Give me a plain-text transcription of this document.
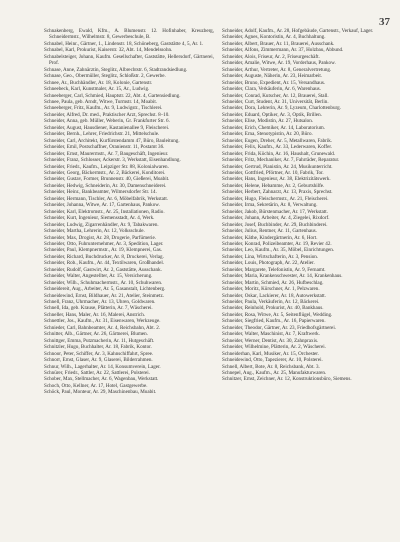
37

Schnakenberg, Ewald, Kfm., A. Blumenstr. 12. Hofinhaber, Kreuzberg, Schneidermstr., Wilhelmstr. 8, Gewerbeschule, B.

Schnabel, Heinr., Gärtner, 1., Lindenstr. 18, Schöneberg, Gaststätte 4, 5, Ar. 1.

Schnabel, Karl, Prokurist, Kaiserstr. 32, Abt. 14, Mendelssohn.

Schnabelsteiger, Johann, Kaufm. Gesellschafter, Gaststätte, Hellersdorf, Gärtnerei, Prof.

Schnase, Anne, Zahnärztin, Steglitz, Albrechtstr. 6, Stadtrandsiedlung.

Schnase, Geo., Obermüller, Steglitz, Schloßstr. 2, Gewerbe.

Schnee, Ar., Buchhändler, Ar. 18, Kolonie, Gartenstr.

Schneebeck, Karl, Kunstmaler, Ar. 15, Ar., Ludwig.

Schneeberger, Carl, Schmied, Hauptstr. 22, Abt. 4, Gartensiedlung.

Schnee, Paula, geb. Arndt, Witwe, Turmstr. 14, Moabit.

Schneeberger, Fritz, Kaufm., Ar. 9, Ludwigstr., Tischlerei.

Schneider, Alfred, Dr. med., Praktischer Arzt, Sprechst. 8–10.

Schneider, Anna, geb. Müller, Weberin, Gr. Frankfurter Str. 6.

Schneider, August, Hausdiener, Kastanienallee 9, Fleischerei.

Schneider, Bernh., Lehrer, Friedrichstr. 21, Mittelschule.

Schneider, Carl, Architekt, Kurfürstendamm 47, Büro, Bauleitung.

Schneider, Emil, Postschaffner, Oranienstr. 11, Postamt 36.

Schneider, Ernst, Maurermstr., Ar. 7, Baugeschäft, Ingenieur.

Schneider, Franz, Schlosser, Ackerstr. 3, Werkstatt, Eisenhandlung.

Schneider, Friedr., Kaufm., Leipziger Str. 88, Kolonialwaren.

Schneider, Georg, Bäckermstr., Ar. 2, Bäckerei, Konditorei.

Schneider, Gustav, Former, Brunnenstr. 40, Gießerei, Moabit.

Schneider, Hedwig, Schneiderin, Ar. 30, Damenschneiderei.

Schneider, Heinr., Bankbeamter, Wilmersdorfer Str. 14.

Schneider, Hermann, Tischler, Ar. 6, Möbelfabrik, Werkstatt.

Schneider, Johanna, Witwe, Ar. 17, Gartenhaus, Pankow.

Schneider, Karl, Elektromstr., Ar. 25, Installationen, Radio.

Schneider, Kurt, Ingenieur, Siemensstadt, Ar. 4, Werk.

Schneider, Ludwig, Zigarrenhändler, Ar. 9, Tabakwaren.

Schneider, Martha, Lehrerin, Ar. 12, Volksschule.

Schneider, Max, Drogist, Ar. 28, Drogerie, Parfümerie.

Schneider, Otto, Fuhrunternehmer, Ar. 3, Spedition, Lager.

Schneider, Paul, Klempnermstr., Ar. 19, Klempnerei, Gas.

Schneider, Richard, Buchdrucker, Ar. 8, Druckerei, Verlag.

Schneider, Rob., Kaufm., Ar. 44, Textilwaren, Großhandel.

Schneider, Rudolf, Gastwirt, Ar. 2, Gaststätte, Ausschank.

Schneider, Walter, Angestellter, Ar. 15, Versicherung.

Schneider, Wilh., Schuhmachermstr., Ar. 10, Schuhwaren.

Schneidereit, Aug., Arbeiter, Ar. 5, Gasanstalt, Lichtenberg.

Schneidewind, Ernst, Bildhauer, Ar. 21, Atelier, Steinmetz.

Schnell, Franz, Uhrmacher, Ar. 13, Uhren, Goldwaren.

Schnell, Ida, geb. Krause, Plätterin, Ar. 7, Wäscherei.

Schneller, Hans, Maler, Ar. 16, Malerei, Anstrich.

Schnettler, Jos., Kaufm., Ar. 31, Eisenwaren, Werkzeuge.

Schnieder, Carl, Bahnbeamter, Ar. 4, Reichsbahn, Abt. 2.

Schnitter, Alb., Gärtner, Ar. 26, Gärtnerei, Blumen.

Schnittger, Emma, Putzmacherin, Ar. 11, Hutgeschäft.

Schnitzler, Hugo, Buchhalter, Ar. 18, Fabrik, Kontor.

Schnoor, Peter, Schiffer, Ar. 3, Kahnschiffahrt, Spree.

Schnorr, Ernst, Glaser, Ar. 9, Glaserei, Bilderrahmen.

Schnur, Wilh., Lagerhalter, Ar. 14, Konsumverein, Lager.

Schnürer, Friedr., Sattler, Ar. 22, Sattlerei, Polsterei.

Schober, Max, Stellmacher, Ar. 6, Wagenbau, Werkstatt.

Schoch, Otto, Kellner, Ar. 17, Hotel, Gastgewerbe.

Schöck, Paul, Monteur, Ar. 29, Maschinenbau, Moabit.

Schneider, Adolf, Kaufm., Ar. 28, Hofgebäude, Gartenstr., Verkauf, Lager.

Schneider, Agnes, Kontoristin, Ar. 4, Buchhaltung.

Schneider, Albert, Brauer, Ar. 11, Brauerei, Ausschank.

Schneider, Alfons, Zimmermann, Ar. 37, Holzbau, Abbund.

Schneider, Alois, Friseur, Ar. 2, Friseurgeschäft.

Schneider, Amalie, Witwe, Ar. 19, Vorderhaus, Pankow.

Schneider, Arthur, Vertreter, Ar. 8, Generalvertretung.

Schneider, Auguste, Näherin, Ar. 23, Heimarbeit.

Schneider, Bruno, Expedient, Ar. 15, Versandhaus.

Schneider, Clara, Verkäuferin, Ar. 6, Warenhaus.

Schneider, Conrad, Kutscher, Ar. 12, Brauerei, Stall.

Schneider, Curt, Student, Ar. 31, Universität, Berlin.

Schneider, Dora, Lehrerin, Ar. 9, Lyzeum, Charlottenburg.

Schneider, Eduard, Optiker, Ar. 3, Optik, Brillen.

Schneider, Elise, Modistin, Ar. 27, Hutsalon.

Schneider, Erich, Chemiker, Ar. 14, Laboratorium.

Schneider, Erna, Stenotypistin, Ar. 20, Büro.

Schneider, Eugen, Dreher, Ar. 5, Metallwaren, Fabrik.

Schneider, Felix, Kaufm., Ar. 33, Lederwaren, Koffer.

Schneider, Frida, Köchin, Ar. 16, Haushalt, Grunewald.

Schneider, Fritz, Mechaniker, Ar. 7, Fahrräder, Reparatur.

Schneider, Gertrud, Pianistin, Ar. 24, Musikunterricht.

Schneider, Gottfried, Pförtner, Ar. 10, Fabrik, Tor.

Schneider, Hans, Ingenieur, Ar. 38, Elektrizitätswerk.

Schneider, Helene, Hebamme, Ar. 2, Geburtshilfe.

Schneider, Herbert, Zahnarzt, Ar. 13, Praxis, Sprechst.

Schneider, Hugo, Fleischermstr., Ar. 21, Fleischerei.

Schneider, Irma, Sekretärin, Ar. 8, Verwaltung.

Schneider, Jakob, Bürstenmacher, Ar. 17, Werkstatt.

Schneider, Johann, Arbeiter, Ar. 4, Ziegelei, Rixdorf.

Schneider, Josef, Buchbinder, Ar. 29, Buchbinderei.

Schneider, Julius, Rentner, Ar. 11, Gartenhaus.

Schneider, Käthe, Kindergärtnerin, Ar. 6, Hort.

Schneider, Konrad, Polizeibeamter, Ar. 19, Revier 42.

Schneider, Leo, Kaufm., Ar. 35, Möbel, Einrichtungen.

Schneider, Lina, Wirtschafterin, Ar. 3, Pension.

Schneider, Louis, Photograph, Ar. 22, Atelier.

Schneider, Margarete, Telefonistin, Ar. 9, Fernamt.

Schneider, Maria, Krankenschwester, Ar. 14, Krankenhaus.

Schneider, Martin, Schmied, Ar. 26, Hufbeschlag.

Schneider, Moritz, Kürschner, Ar. 1, Pelzwaren.

Schneider, Oskar, Lackierer, Ar. 18, Autowerkstatt.

Schneider, Paula, Verkäuferin, Ar. 12, Bäckerei.

Schneider, Reinhold, Prokurist, Ar. 40, Bankhaus.

Schneider, Rosa, Witwe, Ar. 5, Seitenflügel, Wedding.

Schneider, Siegfried, Kaufm., Ar. 16, Papierwaren.

Schneider, Theodor, Gärtner, Ar. 23, Friedhofsgärtnerei.

Schneider, Walter, Maschinist, Ar. 7, Kraftwerk.

Schneider, Werner, Dentist, Ar. 30, Zahnpraxis.

Schneider, Wilhelmine, Plätterin, Ar. 2, Wäscherei.

Schneiderhan, Karl, Musiker, Ar. 15, Orchester.

Schneidewind, Otto, Tapezierer, Ar. 10, Polsterei.

Schnell, Albert, Bote, Ar. 8, Reichsbank, Abt. 3.

Schnepel, Aug., Kaufm., Ar. 25, Manufakturwaren.

Schnitzer, Ernst, Zeichner, Ar. 12, Konstruktionsbüro, Siemens.
